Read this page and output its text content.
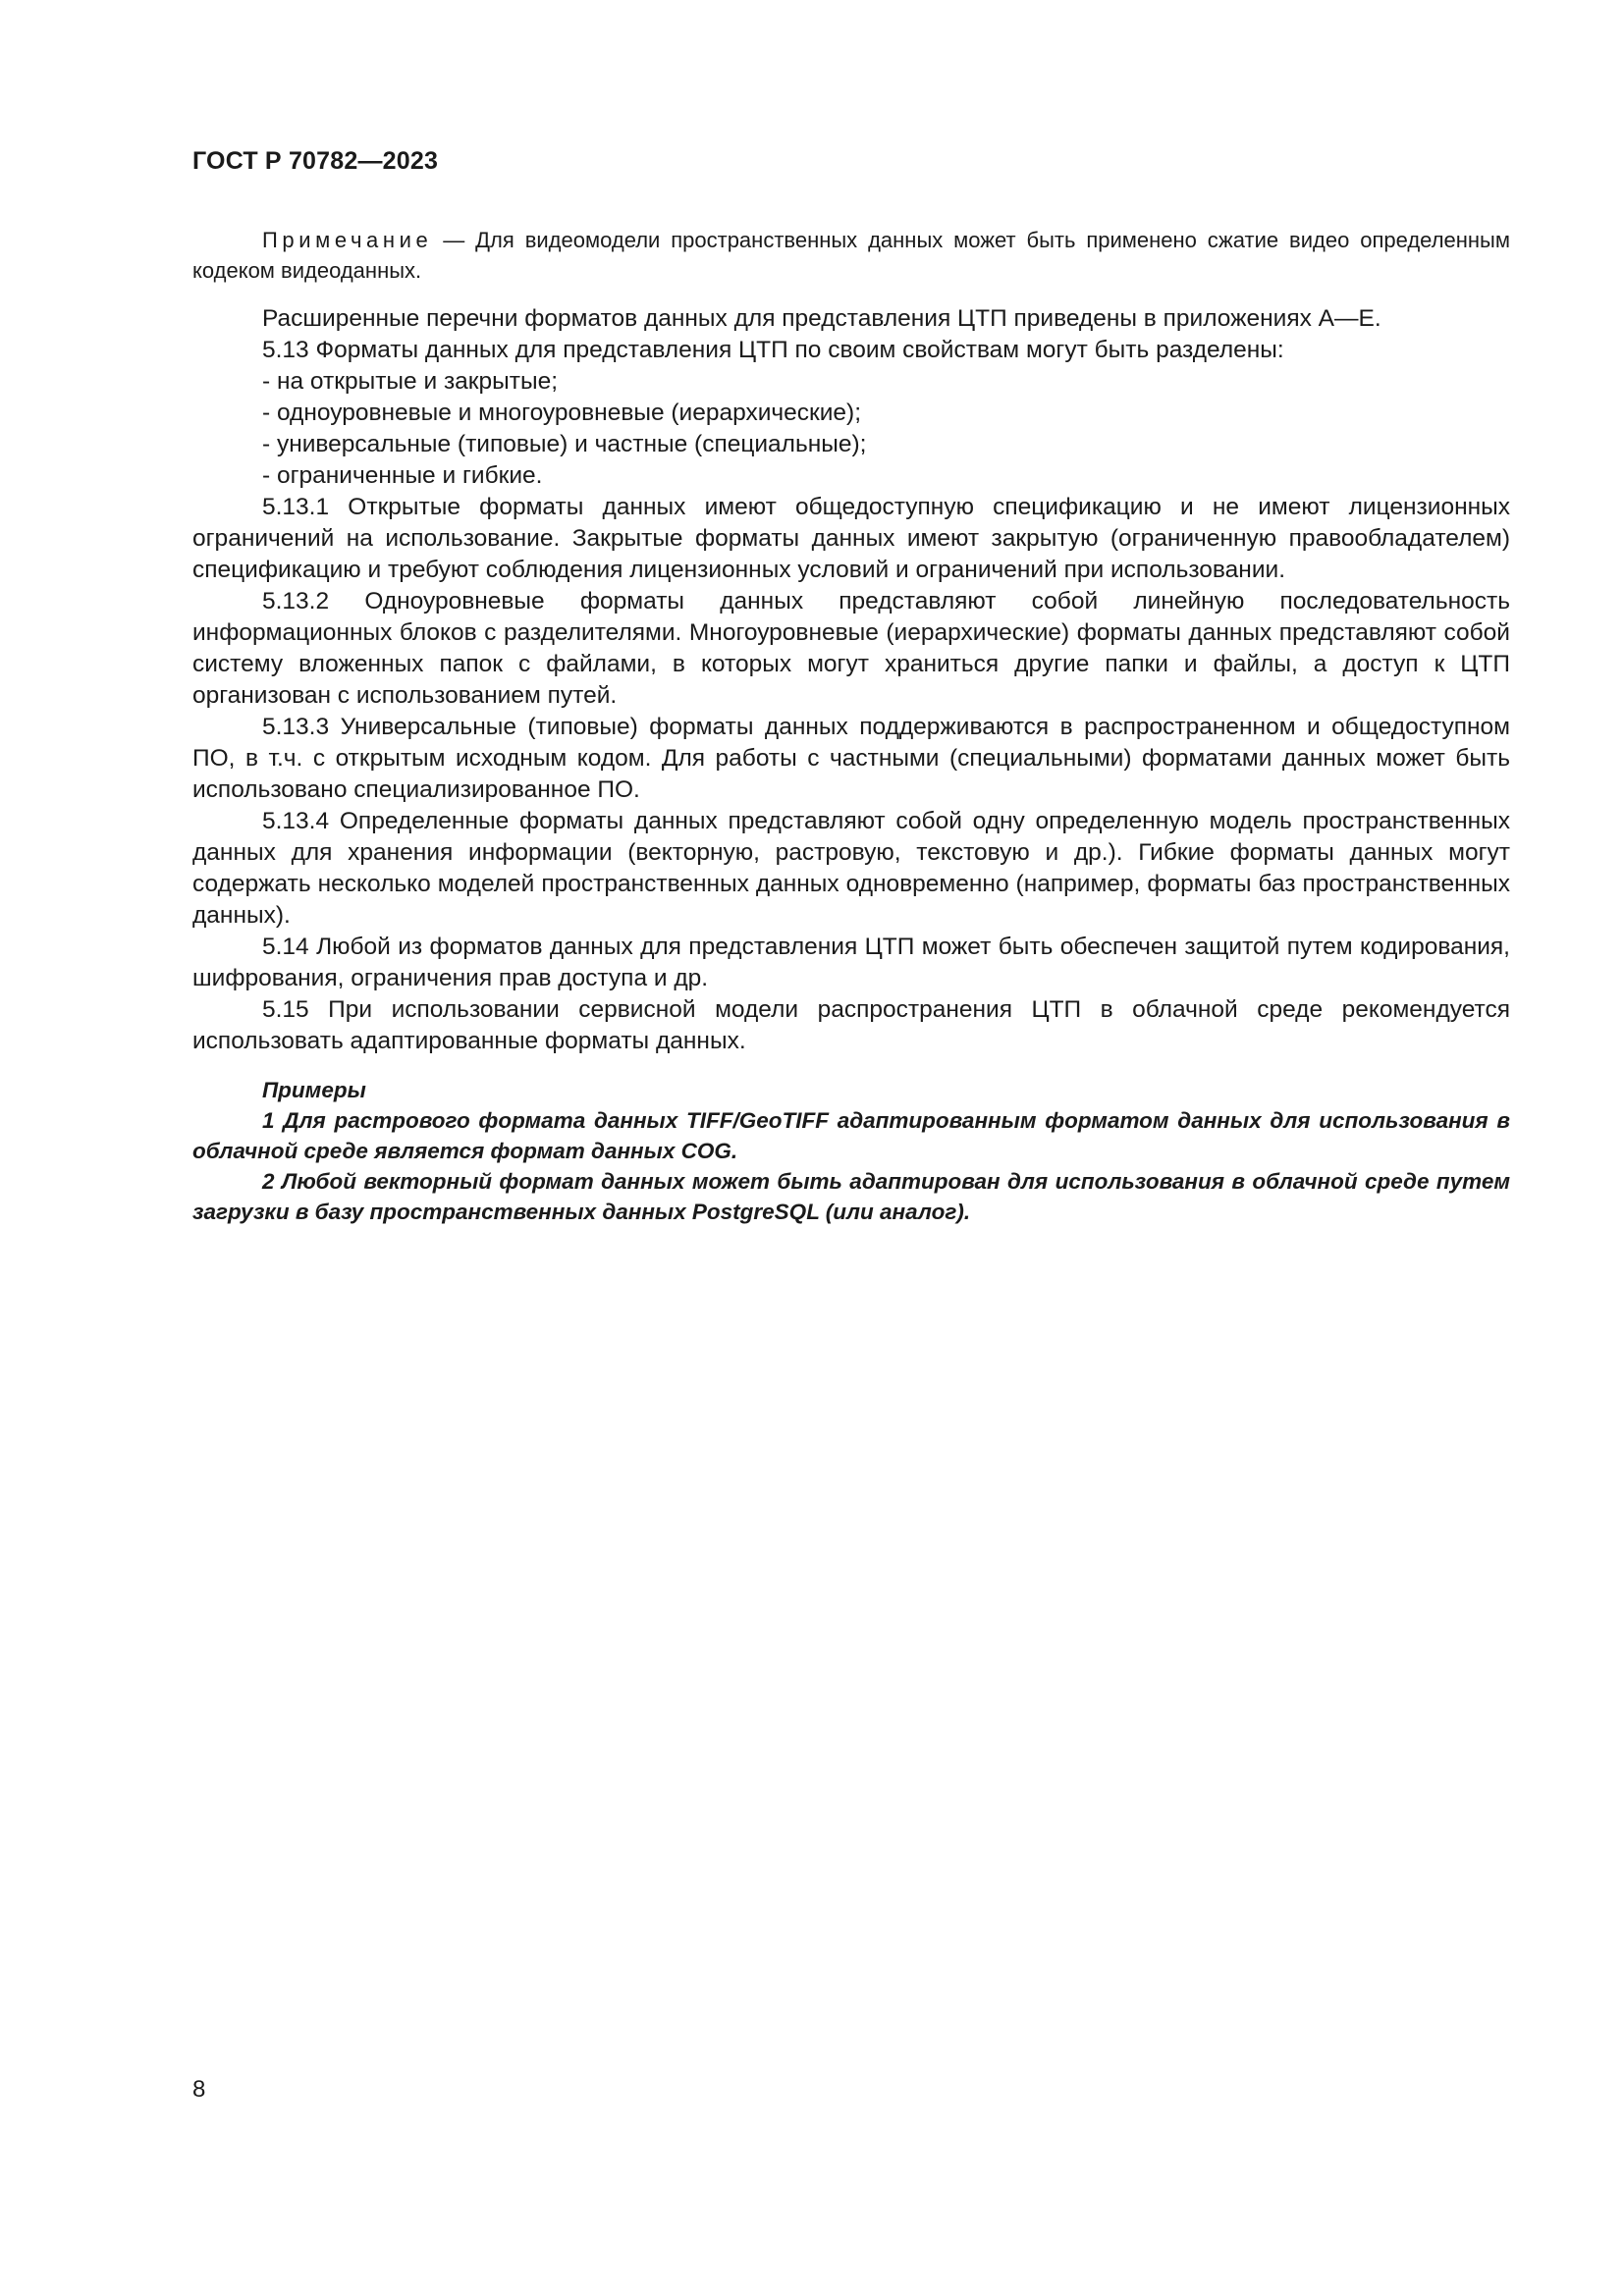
ГОСТ Р 70782—2023

Примечание — Для видеомодели пространственных данных может быть применено сжатие видео определенным кодеком видеоданных.

Расширенные перечни форматов данных для представления ЦТП приведены в приложениях А—Е.

5.13 Форматы данных для представления ЦТП по своим свойствам могут быть разделены:

- на открытые и закрытые;

- одноуровневые и многоуровневые (иерархические);

- универсальные (типовые) и частные (специальные);

- ограниченные и гибкие.

5.13.1 Открытые форматы данных имеют общедоступную спецификацию и не имеют лицензионных ограничений на использование. Закрытые форматы данных имеют закрытую (ограниченную правообладателем) спецификацию и требуют соблюдения лицензионных условий и ограничений при использовании.

5.13.2 Одноуровневые форматы данных представляют собой линейную последовательность информационных блоков с разделителями. Многоуровневые (иерархические) форматы данных представляют собой систему вложенных папок с файлами, в которых могут храниться другие папки и файлы, а доступ к ЦТП организован с использованием путей.

5.13.3 Универсальные (типовые) форматы данных поддерживаются в распространенном и общедоступном ПО, в т.ч. с открытым исходным кодом. Для работы с частными (специальными) форматами данных может быть использовано специализированное ПО.

5.13.4 Определенные форматы данных представляют собой одну определенную модель пространственных данных для хранения информации (векторную, растровую, текстовую и др.). Гибкие форматы данных могут содержать несколько моделей пространственных данных одновременно (например, форматы баз пространственных данных).

5.14 Любой из форматов данных для представления ЦТП может быть обеспечен защитой путем кодирования, шифрования, ограничения прав доступа и др.

5.15 При использовании сервисной модели распространения ЦТП в облачной среде рекомендуется использовать адаптированные форматы данных.

Примеры

1 Для растрового формата данных TIFF/GeoTIFF адаптированным форматом данных для использования в облачной среде является формат данных COG.

2 Любой векторный формат данных может быть адаптирован для использования в облачной среде путем загрузки в базу пространственных данных PostgreSQL (или аналог).

8
